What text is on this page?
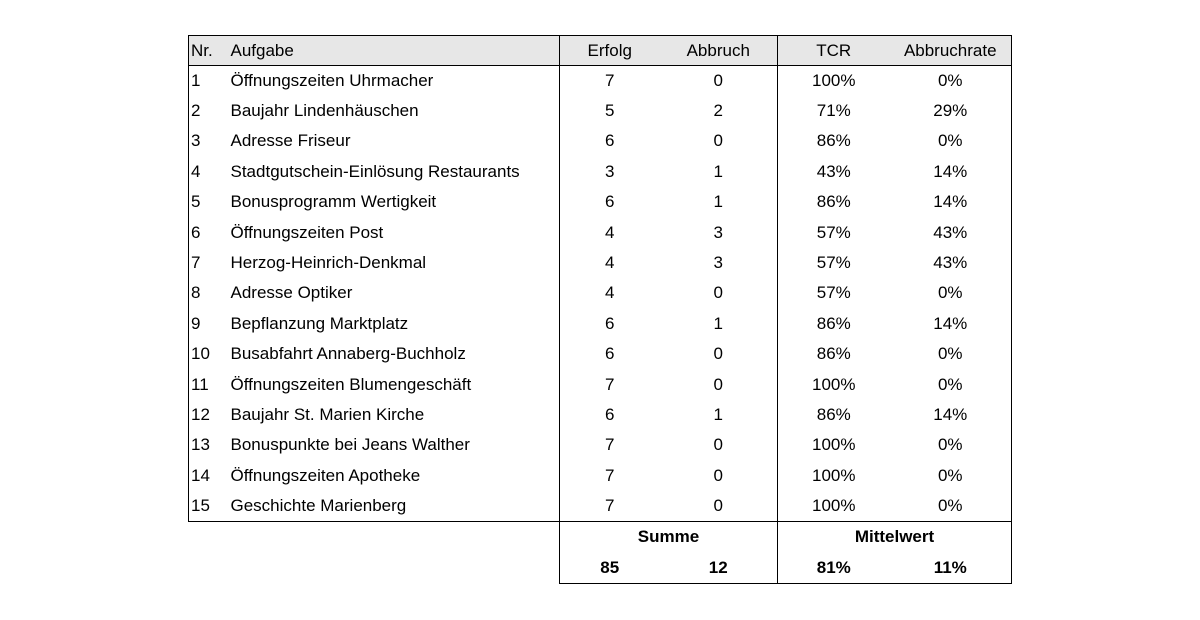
Nr.	Aufgabe	Erfolg	Abbruch	TCR	Abbruchrate
1	Öffnungszeiten Uhrmacher	7	0	100%	0%
2	Baujahr Lindenhäuschen	5	2	71%	29%
3	Adresse Friseur	6	0	86%	0%
4	Stadtgutschein-Einlösung Restaurants	3	1	43%	14%
5	Bonusprogramm Wertigkeit	6	1	86%	14%
6	Öffnungszeiten Post	4	3	57%	43%
7	Herzog-Heinrich-Denkmal	4	3	57%	43%
8	Adresse Optiker	4	0	57%	0%
9	Bepflanzung Marktplatz	6	1	86%	14%
10	Busabfahrt Annaberg-Buchholz	6	0	86%	0%
11	Öffnungszeiten Blumengeschäft	7	0	100%	0%
12	Baujahr St. Marien Kirche	6	1	86%	14%
13	Bonuspunkte bei Jeans Walther	7	0	100%	0%
14	Öffnungszeiten Apotheke	7	0	100%	0%
15	Geschichte Marienberg	7	0	100%	0%
		Summe		Mittelwert	
		85	12	81%	11%
